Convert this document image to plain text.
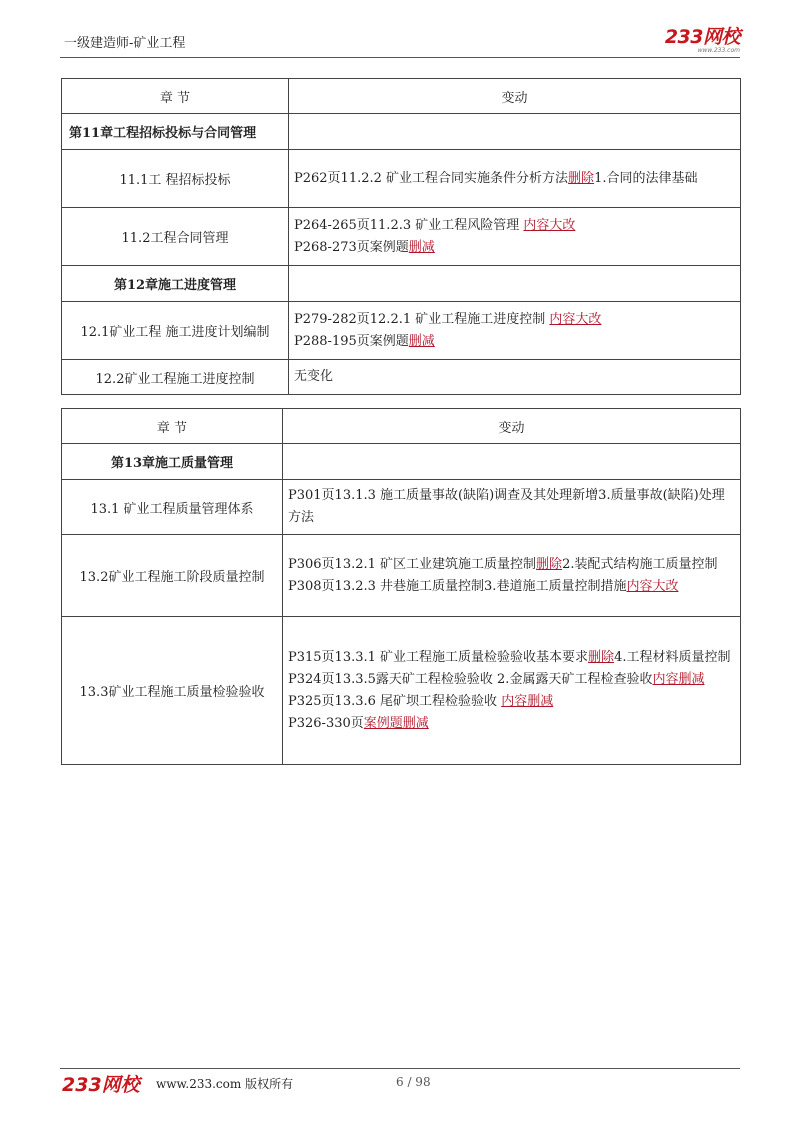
一级建造师-矿业工程	233网校
www.233.com
章 节	变动
第11章工程招标投标与合同管理	
11.1工 程招标投标	P262页11.2.2 矿业工程合同实施条件分析方法删除1.合同的法律基础

11.2工程合同管理	P264-265页11.2.3 矿业工程风险管理 内容大改
P268-273页案例题删减

第12章施工进度管理	
12.1矿业工程 施工进度计划编制	P279-282页12.2.1 矿业工程施工进度控制 内容大改
P288-195页案例题删减

12.2矿业工程施工进度控制	无变化
章 节	变动
第13章施工质量管理	
13.1 矿业工程质量管理体系	P301页13.1.3 施工质量事故(缺陷)调查及其处理新增3.质量事故(缺陷)处理方法

13.2矿业工程施工阶段质量控制	P306页13.2.1 矿区工业建筑施工质量控制删除2.装配式结构施工质量控制
P308页13.2.3 井巷施工质量控制3.巷道施工质量控制措施内容大改

13.3矿业工程施工质量检验验收	P315页13.3.1 矿业工程施工质量检验验收基本要求删除4.工程材料质量控制
P324页13.3.5露天矿工程检验验收 2.金属露天矿工程检查验收内容删减
P325页13.3.6 尾矿坝工程检验验收 内容删减
P326-330页案例题删减
233网校 www.233.com 版权所有	6 / 98
